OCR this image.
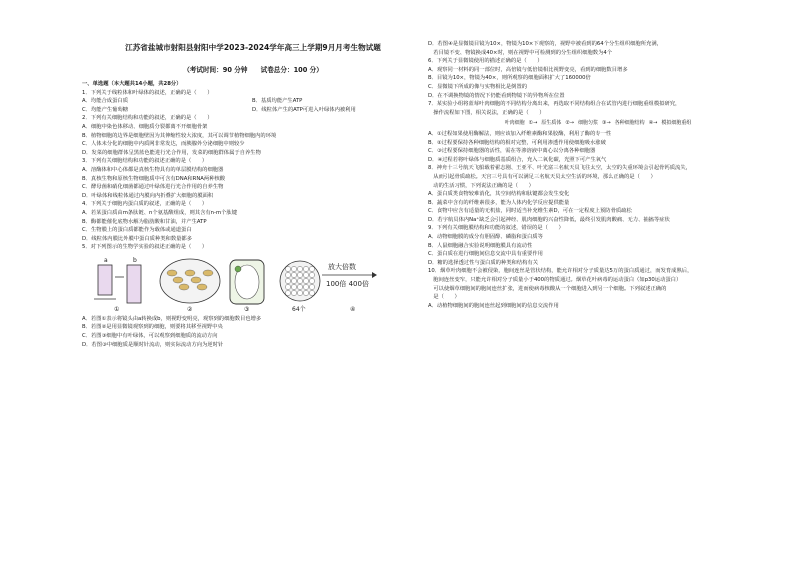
江苏省盐城市射阳县射阳中学2023-2024学年高三上学期9月月考生物试题
（考试时间：90 分钟　　试卷总分：100 分）

一、单选题（本大题共14小题，共28分）

1．下列关于线粒体和叶绿体的叙述，正确的是（　　）

A．均能合成蛋白质	B．基质均能产生ATP

C．均能产生葡萄糖	D．线粒体产生的ATP可进入叶绿体内被利用

2．下列有关细胞结构和功能的叙述，正确的是（　　）

A．细胞中染色体移动、细胞质分裂都离不开细胞骨架

B．植物细胞的边界是细胞壁因为其伸缩性较大浓度，其可以调节植物细胞内的环境

C．人体未分化的细胞中内质网非常发达，而胰腺外分泌细胞中则较少

D．发菜的细胞群体呈黑蓝色能进行光合作用，发菜的细胞群体属于自养生物

3．下列有关细胞结构和功能的叙述正确的是（　　）

A．溶酶体和中心体都是真核生物具有的单层膜结构的细胞器

B．真核生物和原核生物细胞质中可含有DNA和RNA两种核酸

C．酵母菌和硝化细菌都通过叶绿体进行光合作用的自养生物

D．叶绿体和线粒体通过内膜向内折叠扩大细胞的膜面积

4．下列关于细胞内蛋白质的叙述，正确的是（　　）

A．若某蛋白质由m条肽链、n个氨基酸组成，则其含有n-m个肽键

B．酶都能催化底物水解为脂肪酸和甘油，并产生ATP

C．生物膜上的蛋白质都能作为载体或通道蛋白

D．线粒体内膜比外膜中蛋白质种类和数量都多

5．对下列图示的生物学实验的叙述正确的是（　　）

a	b
①	②	③	64个
放大倍数
100倍 400倍
④

A．若图①表示将镜头由a转换成b，则视野变明亮，观察到的细胞数目也增多

B．若图②是用显微镜观察到的细胞，则要将其移至视野中央

C．若图③细胞中有叶绿体，可以观察到细胞质的流动方向

D．若图③中细胞质是顺时针流动，则实际流动方向为逆时针

D．若图④是显微镜目镜为10×，物镜为10×下观察的，视野中被看到的64个分生组织细胞所充满，

　若目镜不变、物镜换成40×时，则在视野中可检测到的分生组织细胞数为4个

6．下列关于显微镜使用的描述正确的是（　　）

A．观察同一材料的同一部位时，高倍镜与低倍镜相比视野变亮，看到的细胞数目增多

B．目镜为10×，物镜为40×，则所观察的细胞面积扩大了160000倍

C．显微镜下所成的像与实物相比是倒置的

D．在不调换物镜的情况下仍能看到物镜下的异物所在位置

7．某实验小组将蓝莓叶肉细胞的不同结构分离出来，再选取不同结构组合在试管内进行细胞重组模拟研究，

　操作流程如下图，相关说法，正确的是（　　）

叶肉细胞 ①→ 原生质体 ②→ 细胞匀浆 ③→ 各种细胞结构 ④→ 模拟细胞重组

A．①过程如果使用酶解法，则应该加入纤维素酶和果胶酶，利用了酶的专一性

B．②过程要保持各种细胞结构的相对完整，可利用渗透作用使细胞吸水涨破

C．③过程要保持细胞器的活性，需在等渗溶液中离心以分离各种细胞器

D．④过程若将叶绿体与细胞质基质组合，充入二氧化碳，光照下可产生氧气

8．神舟十三号航天飞船载着翟志刚、王亚平、叶光富三名航天员飞往太空，太空的失重环境会引起骨钙质流失，

　从而引起骨质疏松。天宫三号具有可以满足三名航天员太空生活的环境，那么正确的是（　　）

　动的生活习惯，下列说法正确的是（　　）

A．蛋白质类食物较难消化，其空间结构和肽键都会发生变化

B．蔬菜中含有的纤维素很多，能为人体内化学反应提供能量

C．食物中应含有适量的无机盐，同时适当补充维生素D，可在一定程度上预防骨质疏松

D．若宇航员体内Na⁺缺乏会引起神经、肌肉细胞的兴奋性降低，最终引发肌肉酸痛、无力、抽搐等症状

9．下列有关细胞膜结构和功能的叙述，错误的是（　　）

A．动物细胞膜的成分有胆固醇、磷脂和蛋白质等

B．人鼠细胞融合实验说明细胞膜具有流动性

C．蛋白质在进行细胞间信息交流中具有重要作用

D．糖的选择透过性与蛋白质的种类和结构有关

10．烟草叶肉细胞不会被侵染，胞间连丝是管状结构，能允许相对分子质量达5万的蛋白质通过，而发育成熟后，

　胞间连丝变窄，只能允许相对分子质量小于400的物质通过。烟草花叶病毒的运动蛋白（如p30运动蛋白）

　可以使烟草细胞间的胞间连丝扩张，进而使病毒核酸从一个细胞进入到另一个细胞。下列叙述正确的

　是（　　）

A．动植物细胞间的胞间连丝起到细胞间的信息交流作用
